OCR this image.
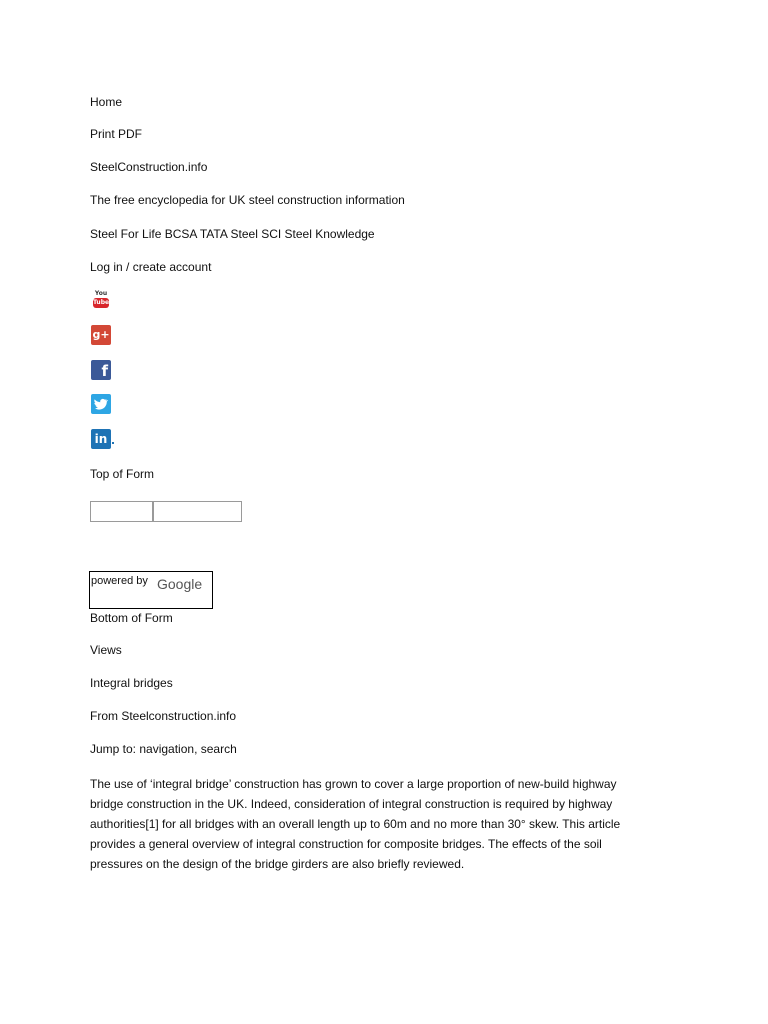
Home
Print PDF
SteelConstruction.info
The free encyclopedia for UK steel construction information
Steel For Life BCSA TATA Steel SCI Steel Knowledge
Log in / create account
You
Tube
g+
f
in
Top of Form
powered by Google
Bottom of Form
Views
Integral bridges
From Steelconstruction.info
Jump to: navigation, search
The use of ‘integral bridge’ construction has grown to cover a large proportion of new-build highway
bridge construction in the UK. Indeed, consideration of integral construction is required by highway
authorities[1] for all bridges with an overall length up to 60m and no more than 30° skew. This article
provides a general overview of integral construction for composite bridges. The effects of the soil
pressures on the design of the bridge girders are also briefly reviewed.
